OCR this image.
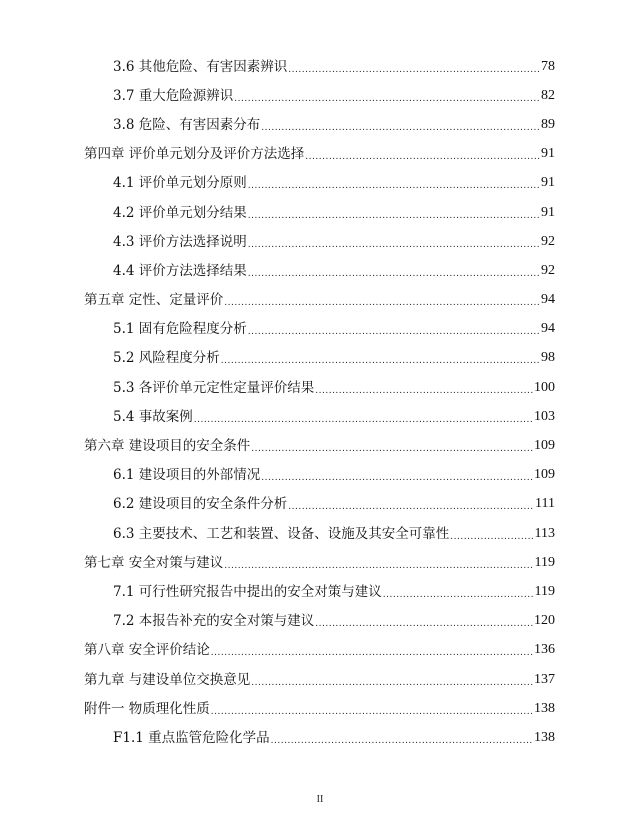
3.6 其他危险、有害因素辨识 .....	78
3.7 重大危险源辨识 .....	82
3.8 危险、有害因素分布 .....	89
第四章 评价单元划分及评价方法选择 .....	91
4.1 评价单元划分原则 .....	91
4.2 评价单元划分结果 .....	91
4.3 评价方法选择说明 .....	92
4.4 评价方法选择结果 .....	92
第五章 定性、定量评价 .....	94
5.1 固有危险程度分析 .....	94
5.2 风险程度分析 .....	98
5.3 各评价单元定性定量评价结果 .....	100
5.4 事故案例 .....	103
第六章 建设项目的安全条件 .....	109
6.1 建设项目的外部情况 .....	109
6.2 建设项目的安全条件分析 .....	111
6.3 主要技术、工艺和装置、设备、设施及其安全可靠性 .....	113
第七章 安全对策与建议 .....	119
7.1 可行性研究报告中提出的安全对策与建议 .....	119
7.2 本报告补充的安全对策与建议 .....	120
第八章 安全评价结论 .....	136
第九章 与建设单位交换意见 .....	137
附件一 物质理化性质 .....	138
F1.1 重点监管危险化学品 .....	138
II
